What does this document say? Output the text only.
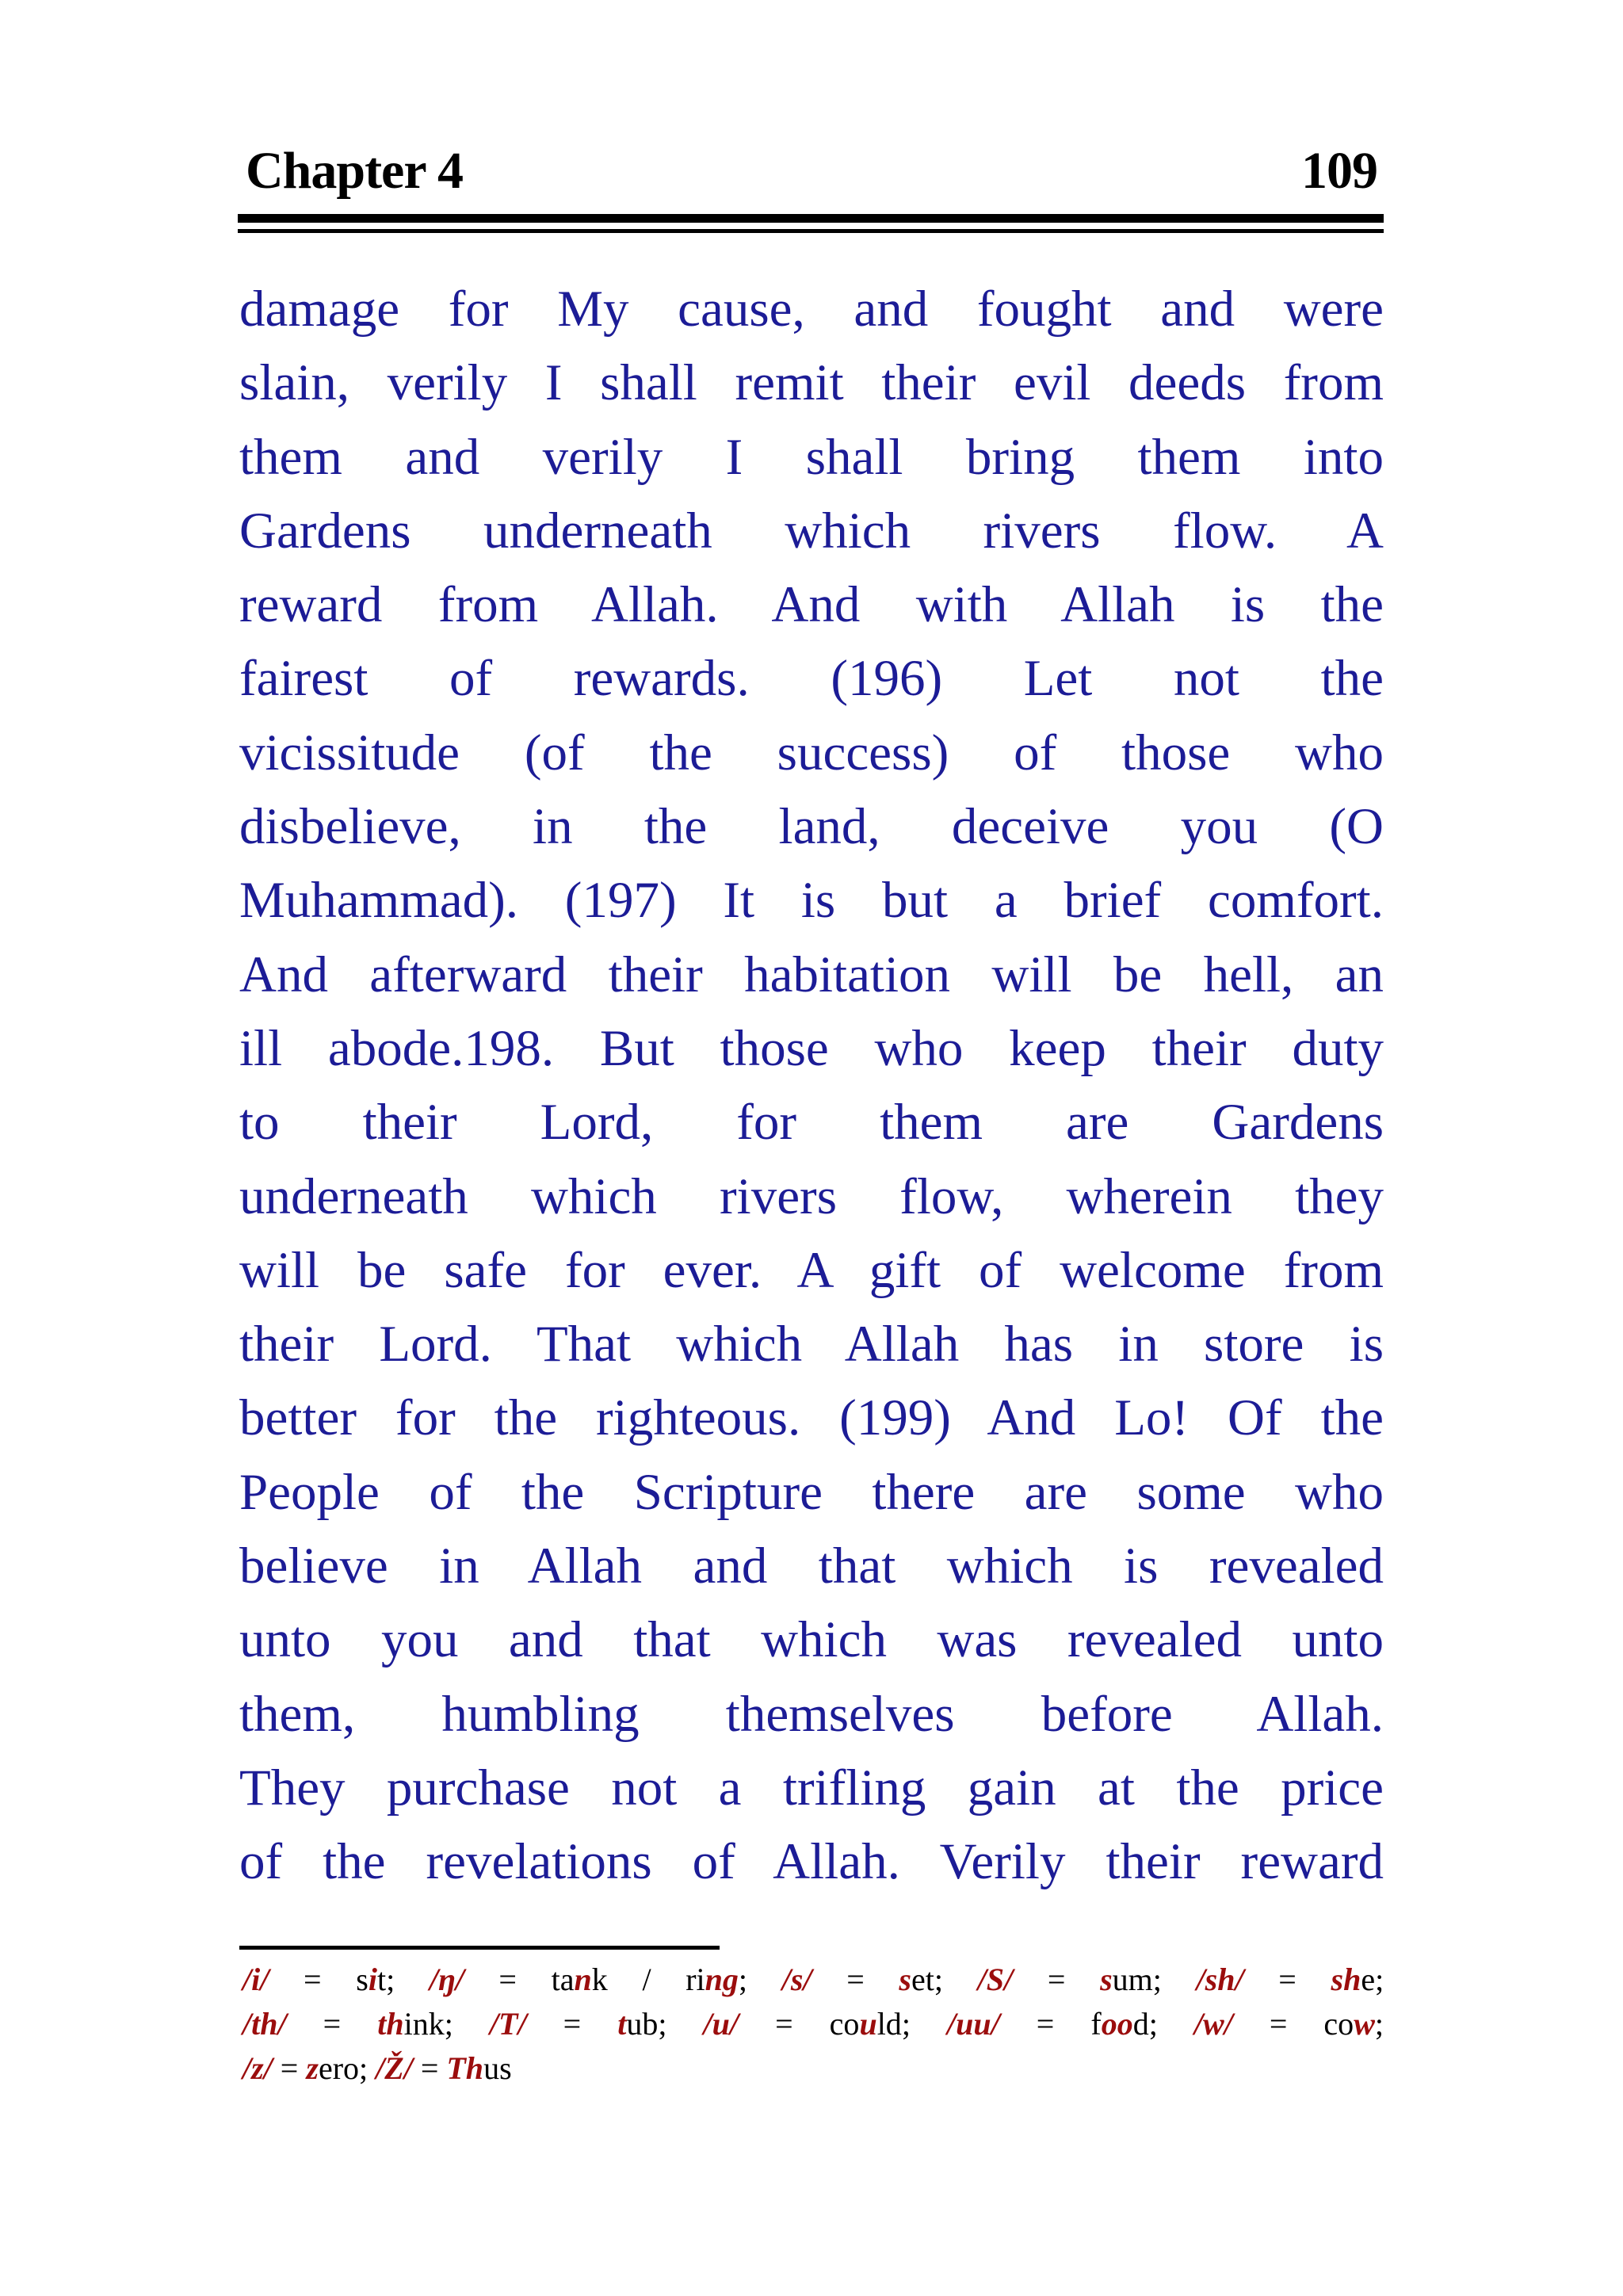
Chapter 4	109
damage for My cause, and fought and were
slain, verily I shall remit their evil deeds from
them and verily I shall bring them into
Gardens underneath which rivers flow. A
reward from Allah. And with Allah is the
fairest of rewards. (196) Let not the
vicissitude (of the success) of those who
disbelieve, in the land, deceive you (O
Muhammad). (197) It is but a brief comfort.
And afterward their habitation will be hell, an
ill abode.198. But those who keep their duty
to their Lord, for them are Gardens
underneath which rivers flow, wherein they
will be safe for ever. A gift of welcome from
their Lord. That which Allah has in store is
better for the righteous. (199) And Lo! Of the
People of the Scripture there are some who
believe in Allah and that which is revealed
unto you and that which was revealed unto
them, humbling themselves before Allah.
They purchase not a trifling gain at the price
of the revelations of Allah. Verily their reward
/i/ = sit; /ŋ/ = tank / ring; /s/ = set; /S/ = sum; /sh/ = she;
/th/ = think; /T/ = tub; /u/ = could; /uu/ = food; /w/ = cow;
/z/ = zero; /Ž/ = Thus
